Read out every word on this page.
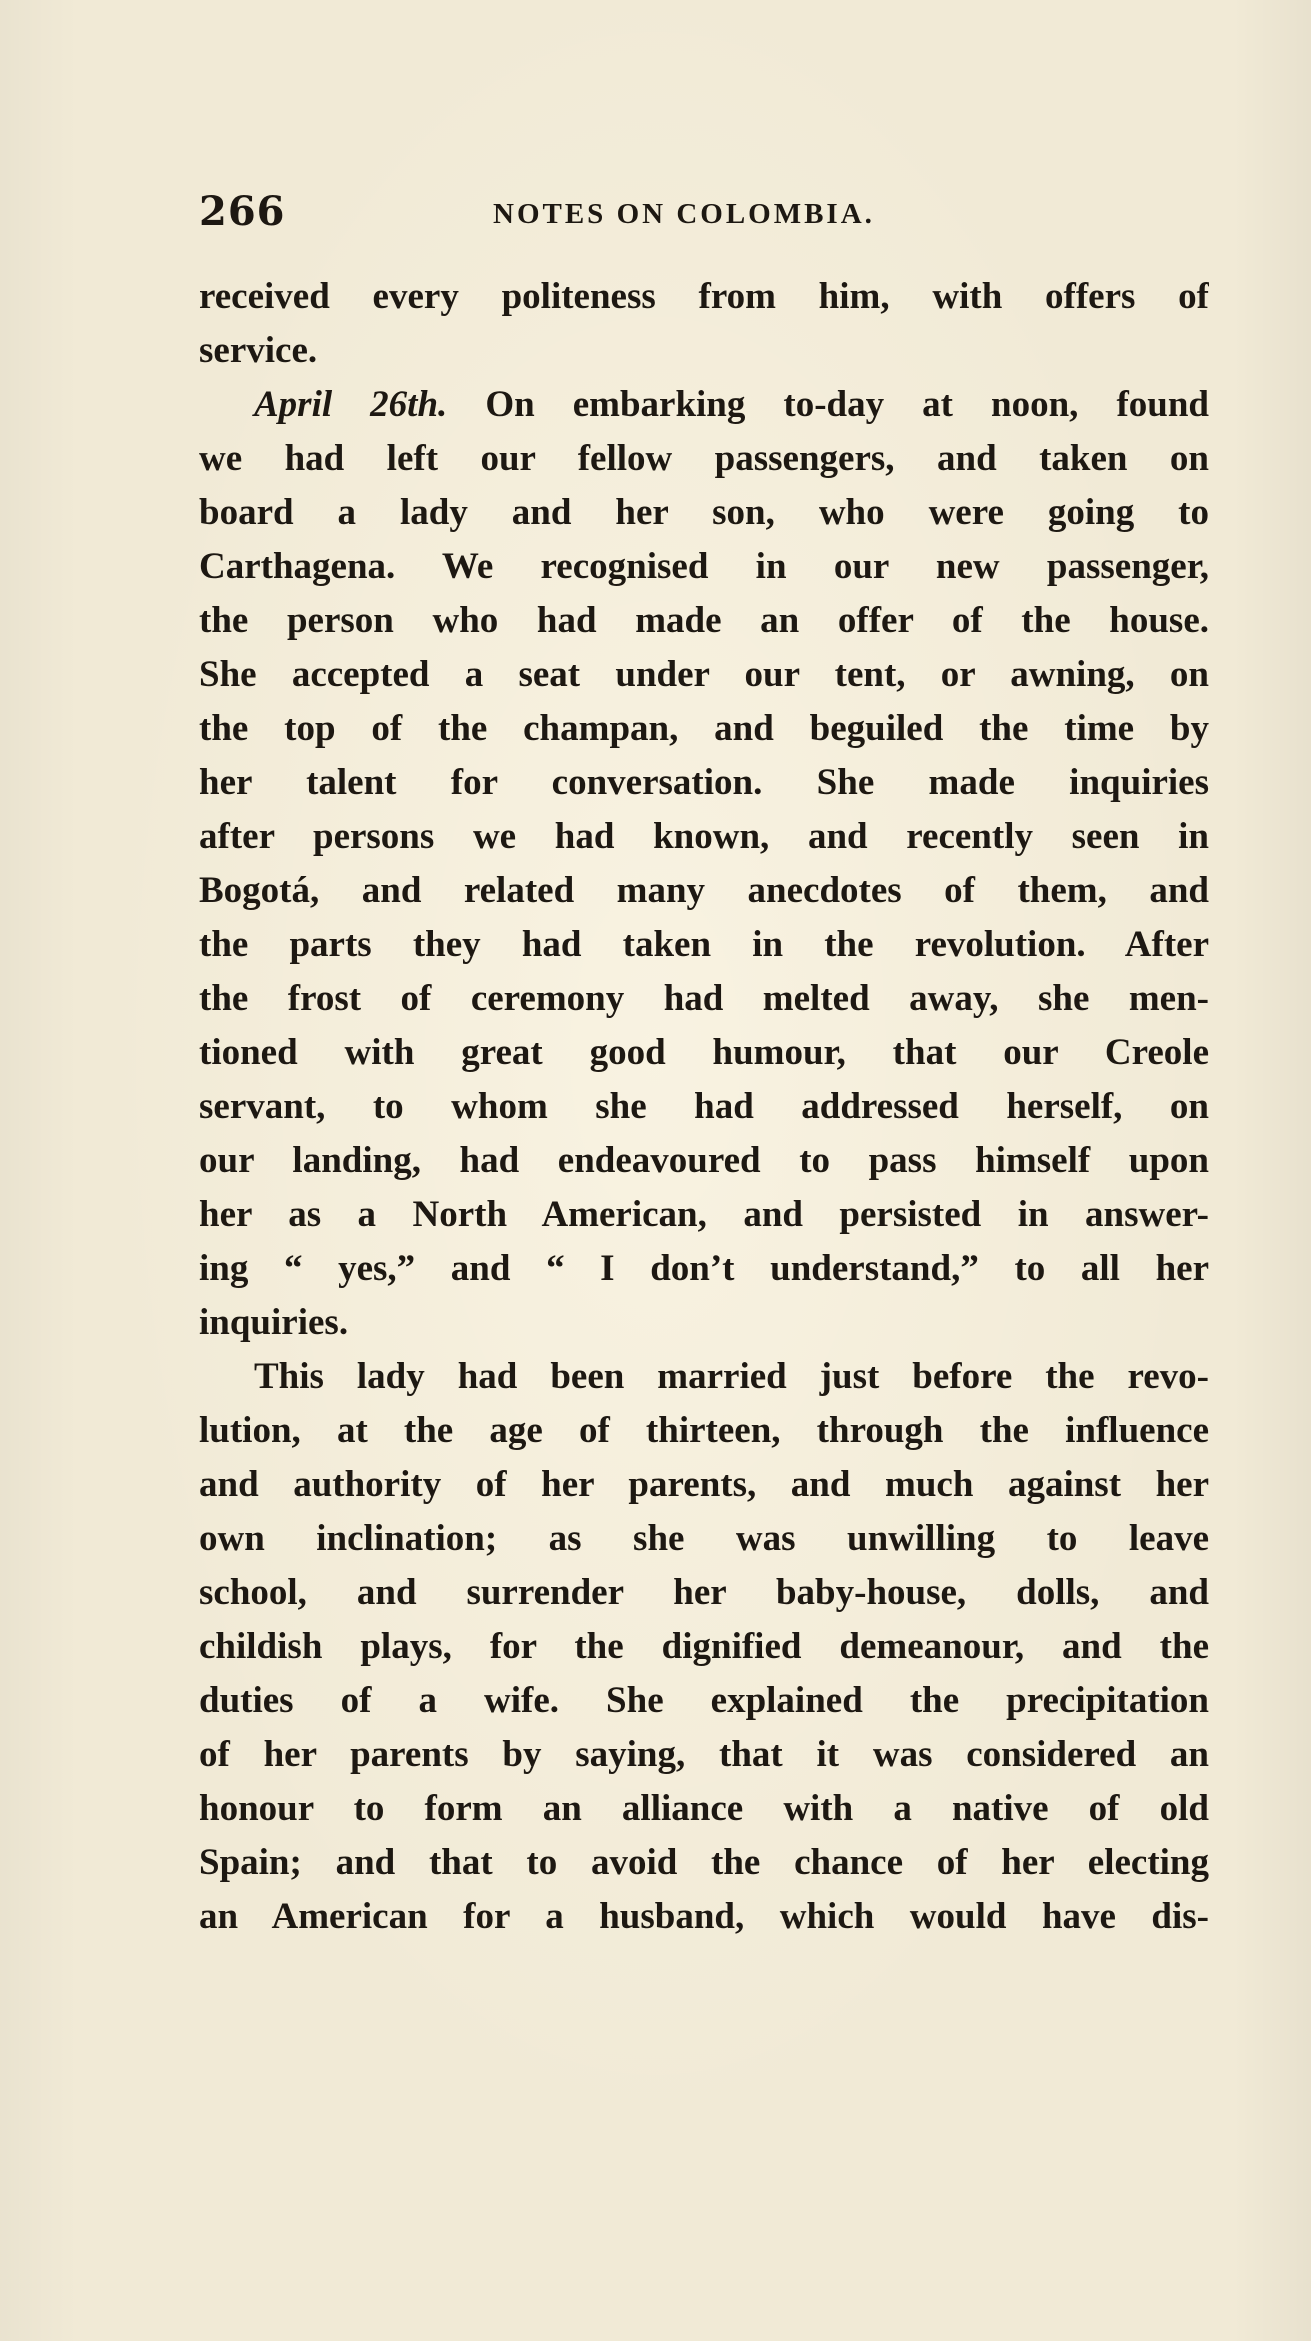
266	NOTES ON COLOMBIA.
received every politeness from him, with offers of
service.
April 26th. On embarking to-day at noon, found
we had left our fellow passengers, and taken on
board a lady and her son, who were going to
Carthagena. We recognised in our new passenger,
the person who had made an offer of the house.
She accepted a seat under our tent, or awning, on
the top of the champan, and beguiled the time by
her talent for conversation. She made inquiries
after persons we had known, and recently seen in
Bogotá, and related many anecdotes of them, and
the parts they had taken in the revolution. After
the frost of ceremony had melted away, she men-
tioned with great good humour, that our Creole
servant, to whom she had addressed herself, on
our landing, had endeavoured to pass himself upon
her as a North American, and persisted in answer-
ing “ yes,” and “ I don’t understand,” to all her
inquiries.
This lady had been married just before the revo-
lution, at the age of thirteen, through the influence
and authority of her parents, and much against her
own inclination; as she was unwilling to leave
school, and surrender her baby-house, dolls, and
childish plays, for the dignified demeanour, and the
duties of a wife. She explained the precipitation
of her parents by saying, that it was considered an
honour to form an alliance with a native of old
Spain; and that to avoid the chance of her electing
an American for a husband, which would have dis-
